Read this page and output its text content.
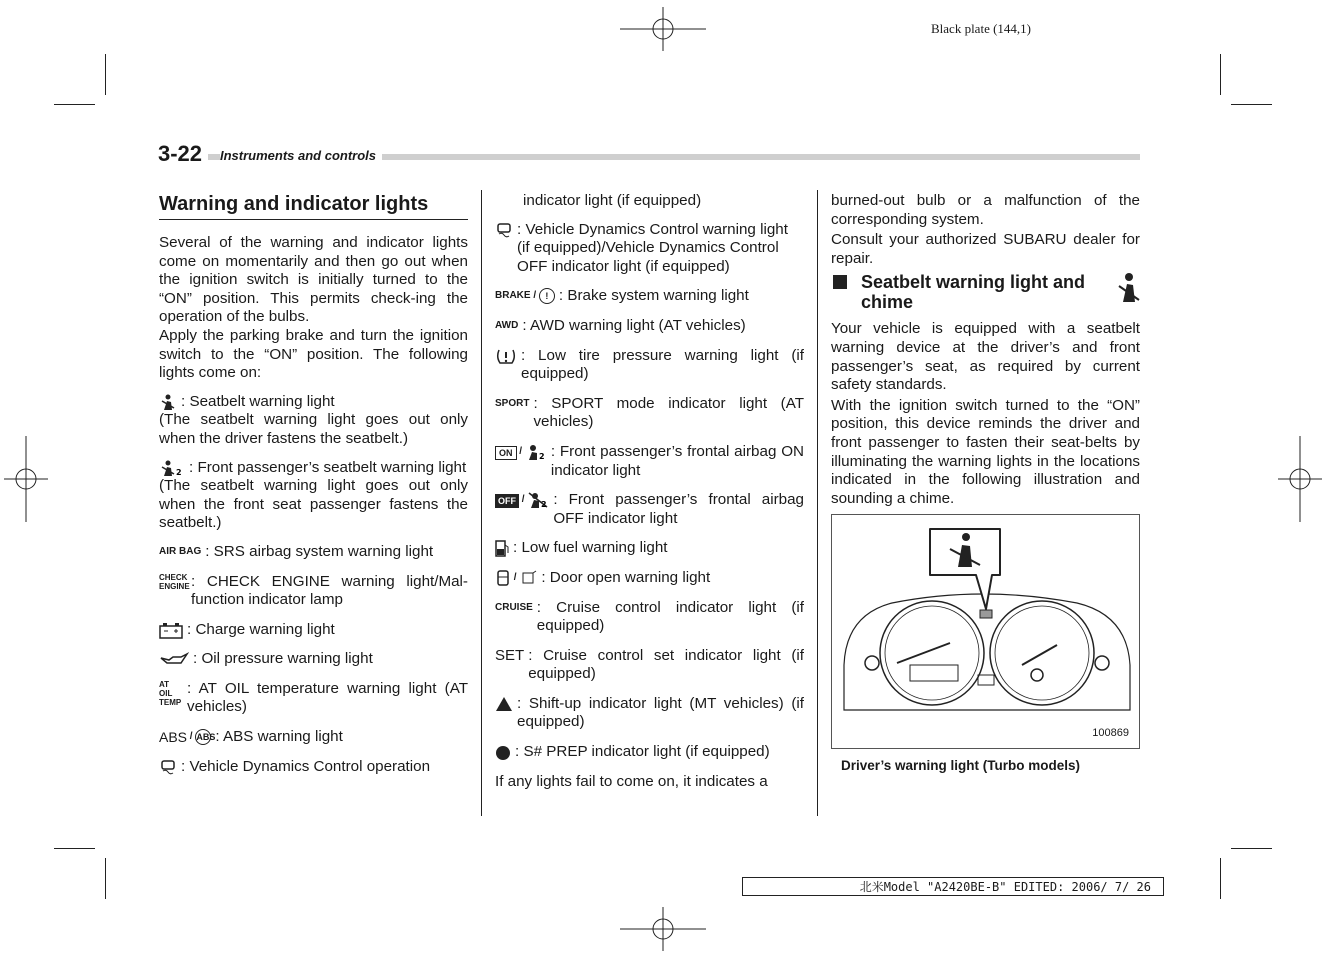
Black plate (144,1)
3-22	Instruments and controls
Warning and indicator lights

Several of the warning and indicator lights come on momentarily and then go out when the ignition switch is initially turned to the “ON” position. This permits check-ing the operation of the bulbs.

Apply the parking brake and turn the ignition switch to the “ON” position. The following lights come on:

: Seatbelt warning light

(The seatbelt warning light goes out only when the driver fastens the seatbelt.)

2 : Front passenger’s seatbelt warning light

(The seatbelt warning light goes out only when the front seat passenger fastens the seatbelt.)

AIR BAG : SRS airbag system warning light
CHECK ENGINE : CHECK ENGINE warning light/Mal-function indicator lamp
: Charge warning light
: Oil pressure warning light
AT OIL TEMP
: AT OIL temperature warning light (AT vehicles)
ABS / ABS : ABS warning light
: Vehicle Dynamics Control operation

indicator light (if equipped)

: Vehicle Dynamics Control warning light (if equipped)/Vehicle Dynamics Control OFF indicator light (if equipped)
BRAKE / ! : Brake system warning light
AWD : AWD warning light (AT vehicles)
: Low tire pressure warning light (if equipped)
SPORT : SPORT mode indicator light (AT vehicles)
ON / 2 : Front passenger’s frontal airbag ON indicator light
OFF / 2 : Front passenger’s frontal airbag OFF indicator light
: Low fuel warning light
/	: Door open warning light
CRUISE : Cruise control indicator light (if equipped)
SET : Cruise control set indicator light (if equipped)
: Shift-up indicator light (MT vehicles) (if equipped)
: S# PREP indicator light (if equipped)

If any lights fail to come on, it indicates a

burned-out bulb or a malfunction of the corresponding system.

Consult your authorized SUBARU dealer for repair.

Seatbelt warning light and chime

Your vehicle is equipped with a seatbelt warning device at the driver’s and front passenger’s seat, as required by current safety standards.

With the ignition switch turned to the “ON” position, this device reminds the driver and front passenger to fasten their seat-belts by illuminating the warning lights in the locations indicated in the following illustration and sounding a chime.

100869
Driver’s warning light (Turbo models)
北米Model "A2420BE-B" EDITED: 2006/ 7/ 26
